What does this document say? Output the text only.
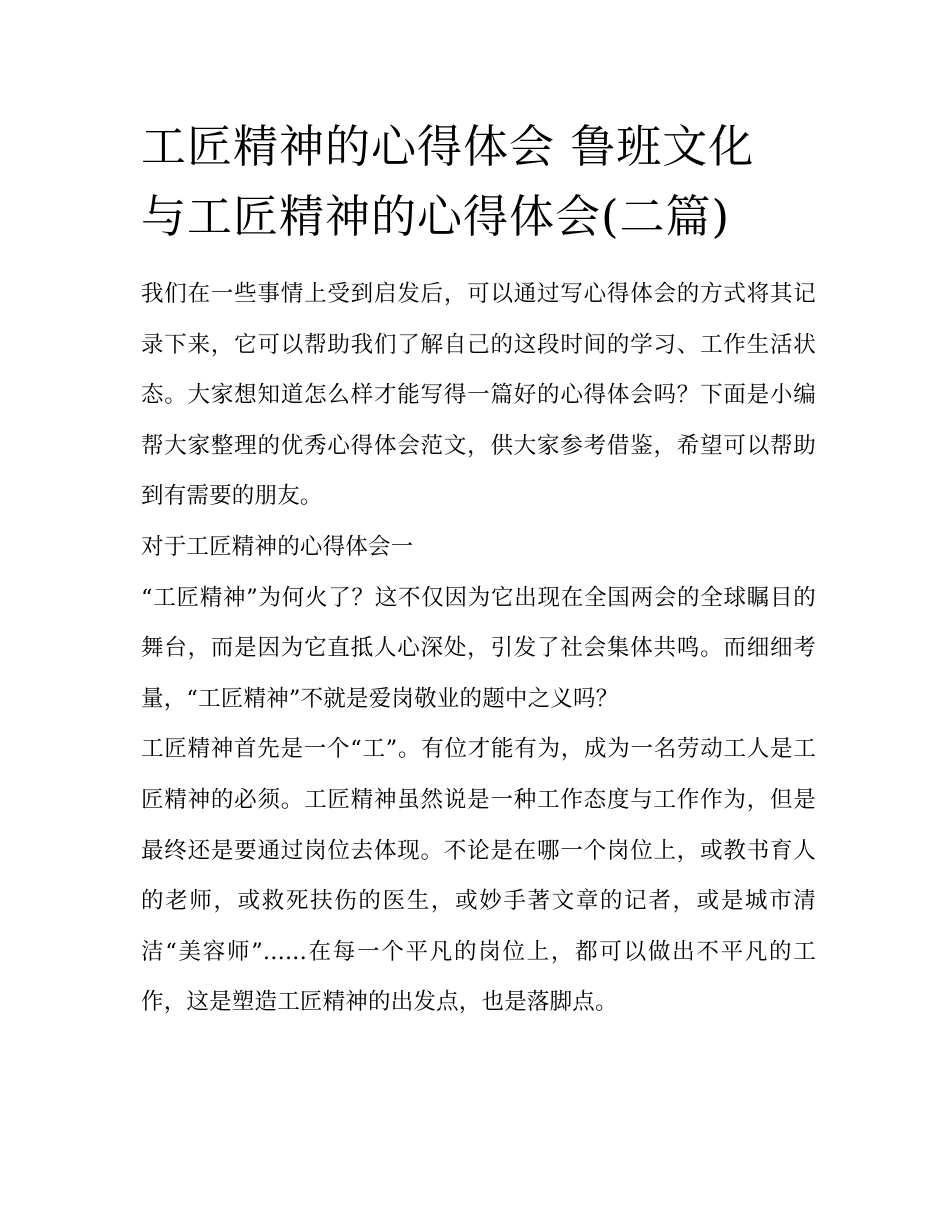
工匠精神的心得体会 鲁班文化
与工匠精神的心得体会(二篇)

我们在一些事情上受到启发后，可以通过写心得体会的方式将其记录下来，它可以帮助我们了解自己的这段时间的学习、工作生活状态。大家想知道怎么样才能写得一篇好的心得体会吗？下面是小编帮大家整理的优秀心得体会范文，供大家参考借鉴，希望可以帮助到有需要的朋友。

对于工匠精神的心得体会一

“工匠精神”为何火了？这不仅因为它出现在全国两会的全球瞩目的舞台，而是因为它直抵人心深处，引发了社会集体共鸣。而细细考量，“工匠精神”不就是爱岗敬业的题中之义吗？

工匠精神首先是一个“工”。有位才能有为，成为一名劳动工人是工匠精神的必须。工匠精神虽然说是一种工作态度与工作作为，但是最终还是要通过岗位去体现。不论是在哪一个岗位上，或教书育人的老师，或救死扶伤的医生，或妙手著文章的记者，或是城市清洁“美容师”......在每一个平凡的岗位上，都可以做出不平凡的工作，这是塑造工匠精神的出发点，也是落脚点。
